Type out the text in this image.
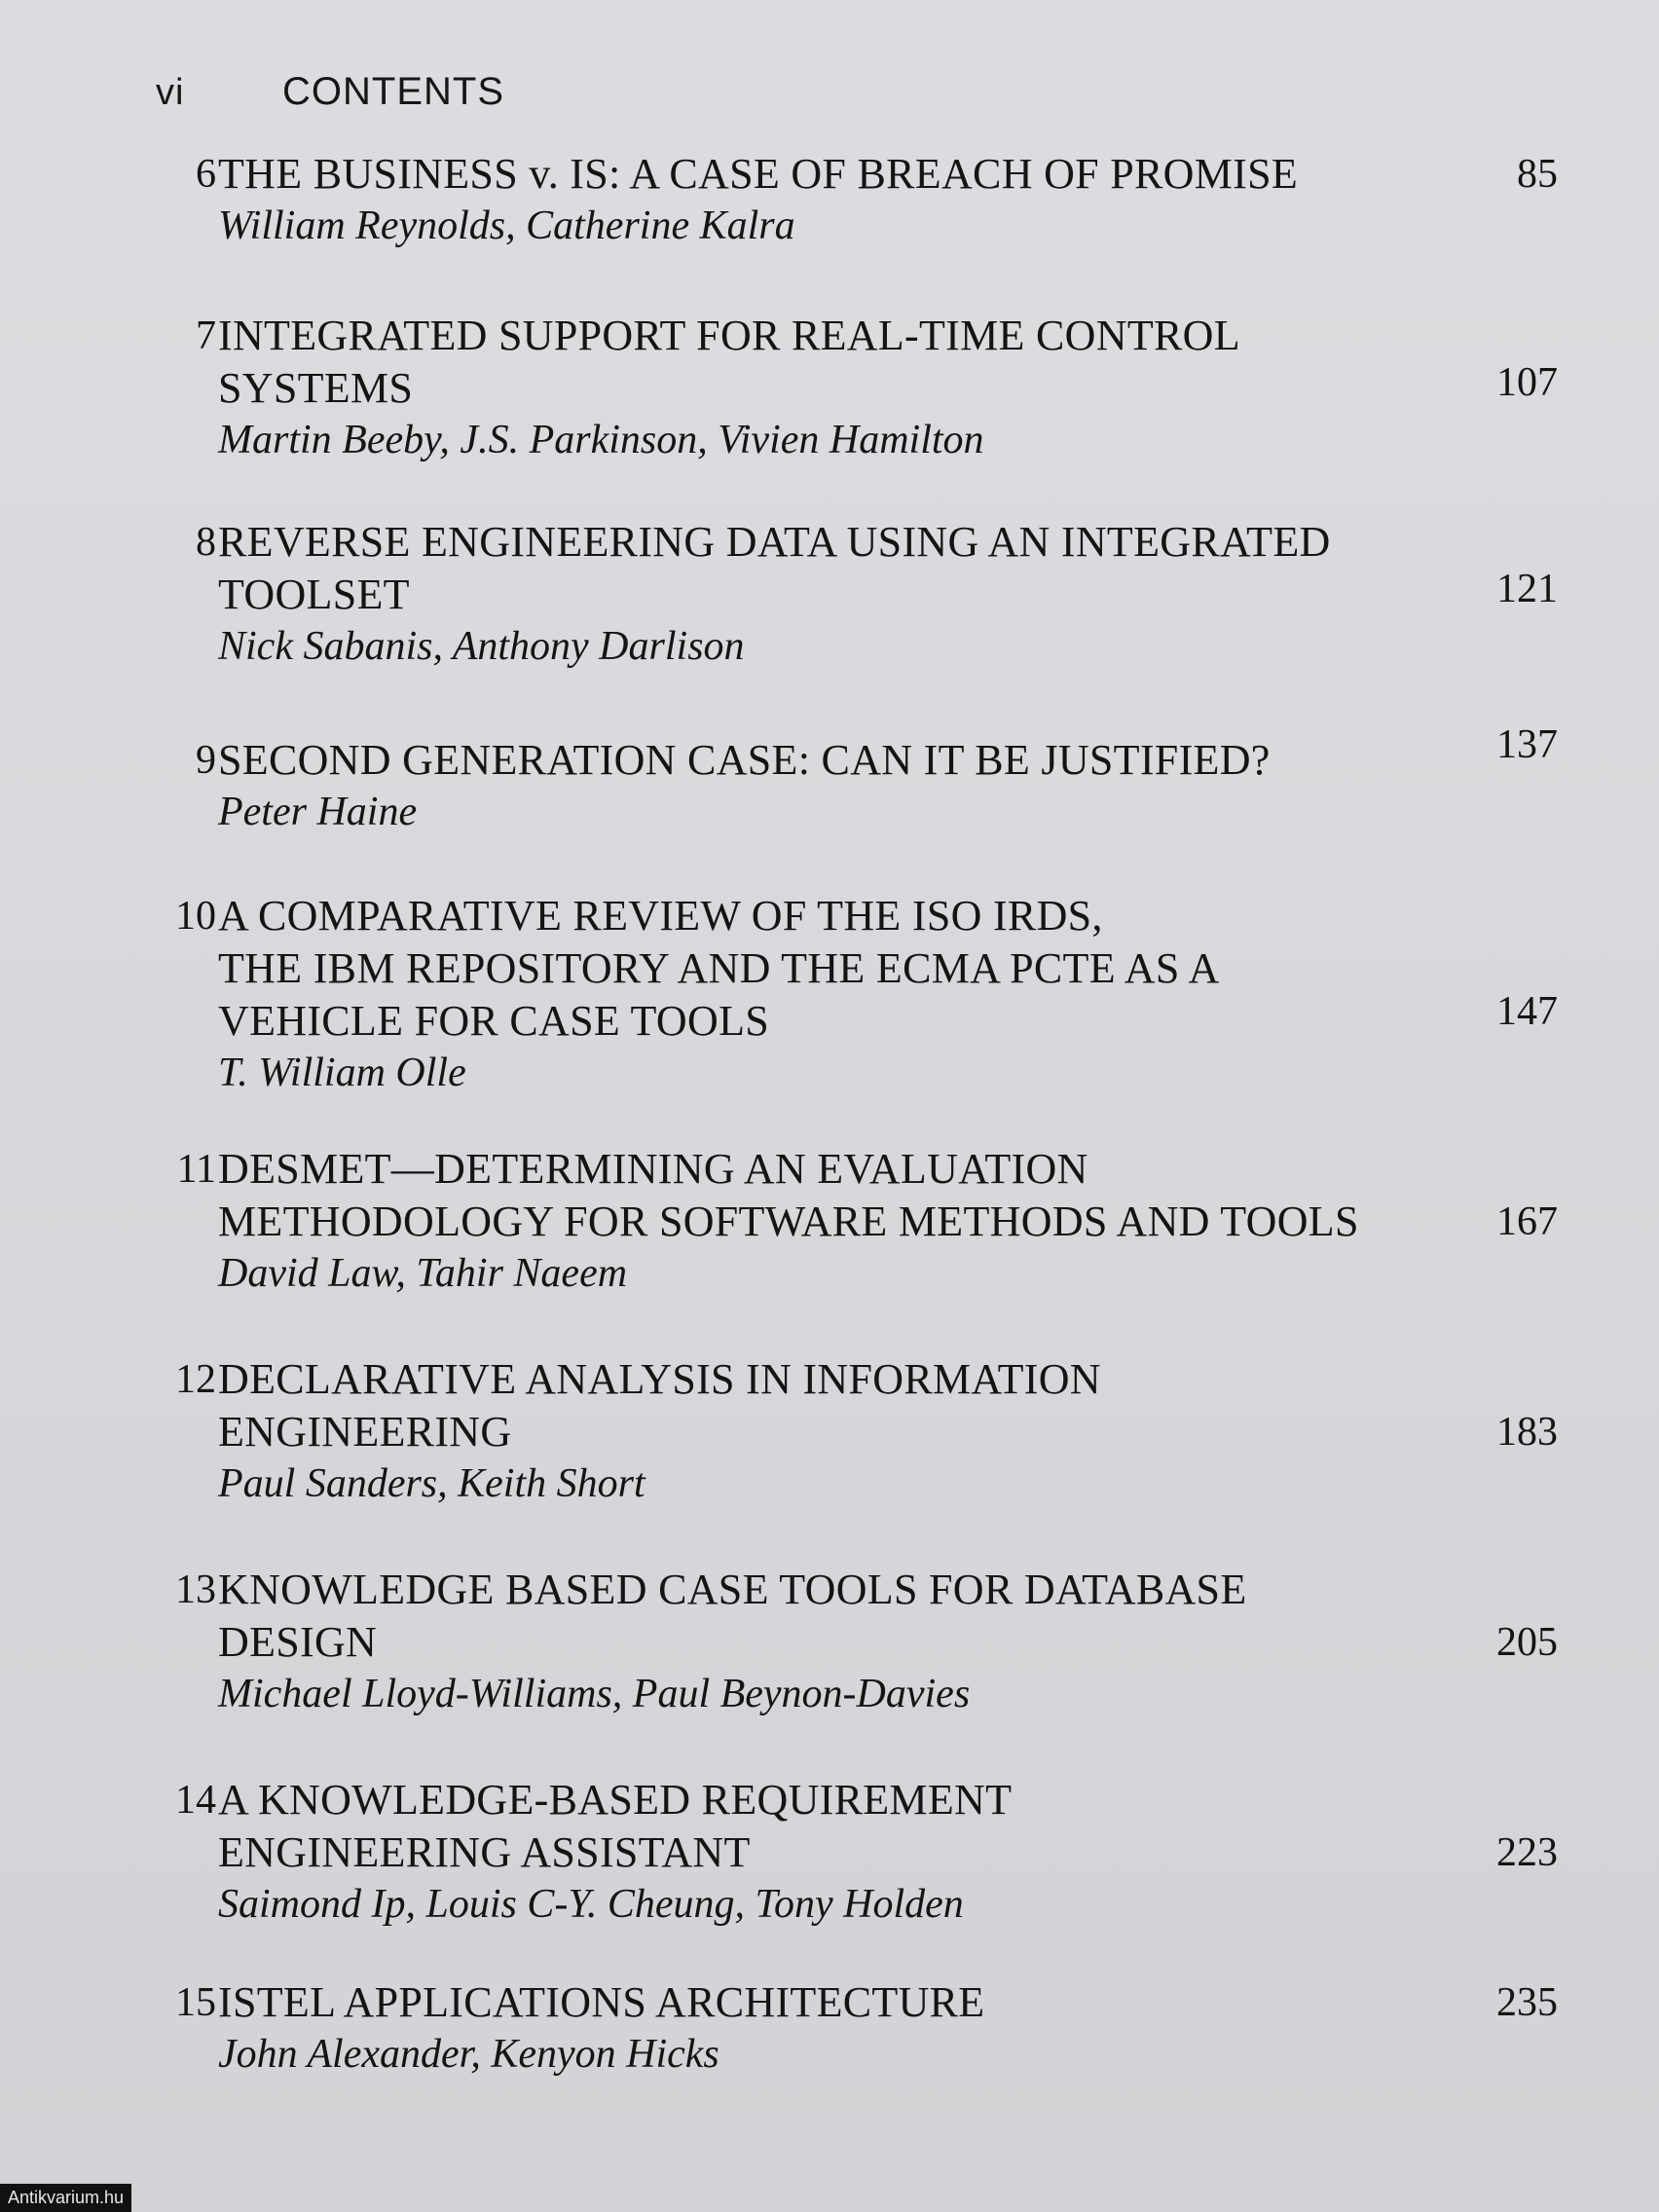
vi	CONTENTS
6 THE BUSINESS v. IS: A CASE OF BREACH OF PROMISE
William Reynolds, Catherine Kalra
85
7 INTEGRATED SUPPORT FOR REAL-TIME CONTROL
SYSTEMS
Martin Beeby, J.S. Parkinson, Vivien Hamilton
107
8 REVERSE ENGINEERING DATA USING AN INTEGRATED
TOOLSET
Nick Sabanis, Anthony Darlison
121
9 SECOND GENERATION CASE: CAN IT BE JUSTIFIED?
Peter Haine
137
10 A COMPARATIVE REVIEW OF THE ISO IRDS,
THE IBM REPOSITORY AND THE ECMA PCTE AS A
VEHICLE FOR CASE TOOLS
T. William Olle
147
11 DESMET—DETERMINING AN EVALUATION
METHODOLOGY FOR SOFTWARE METHODS AND TOOLS
David Law, Tahir Naeem
167
12 DECLARATIVE ANALYSIS IN INFORMATION
ENGINEERING
Paul Sanders, Keith Short
183
13 KNOWLEDGE BASED CASE TOOLS FOR DATABASE
DESIGN
Michael Lloyd-Williams, Paul Beynon-Davies
205
14 A KNOWLEDGE-BASED REQUIREMENT
ENGINEERING ASSISTANT
Saimond Ip, Louis C-Y. Cheung, Tony Holden
223
15 ISTEL APPLICATIONS ARCHITECTURE
John Alexander, Kenyon Hicks
235
Antikvarium.hu
